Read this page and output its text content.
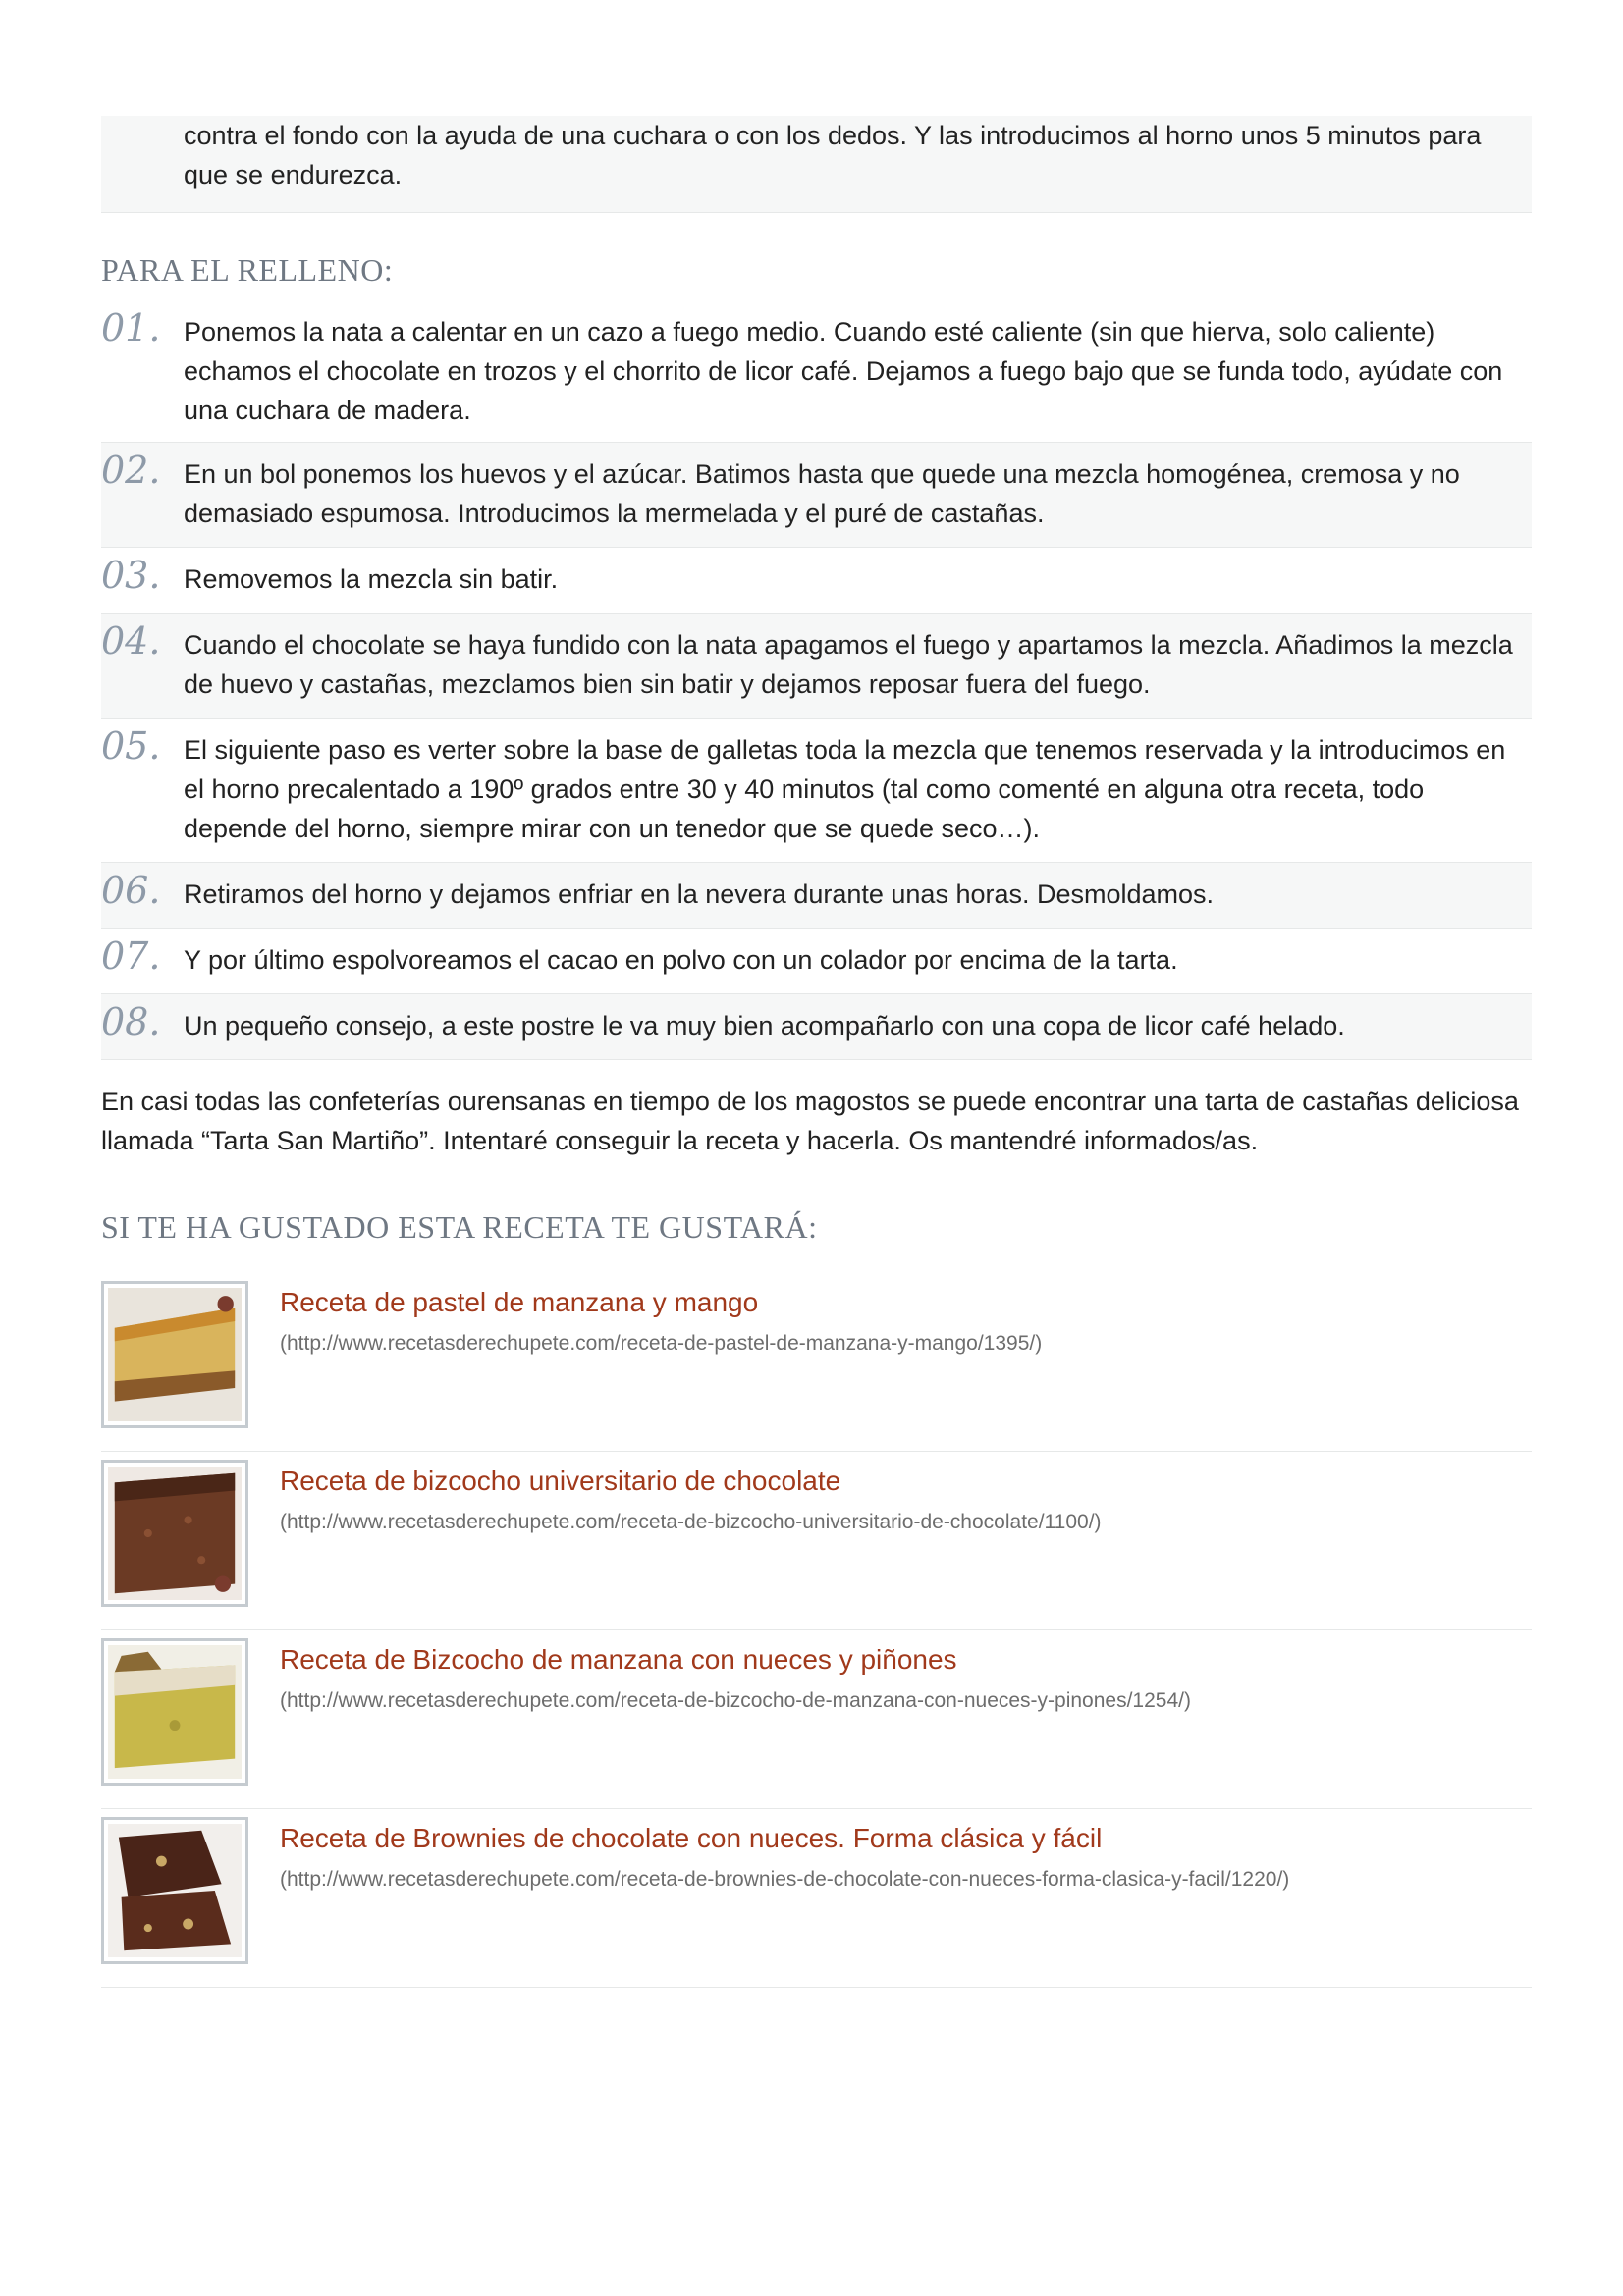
contra el fondo con la ayuda de una cuchara o con los dedos. Y las introducimos al horno unos 5 minutos para que se endurezca.
PARA EL RELLENO:
01. Ponemos la nata a calentar en un cazo a fuego medio. Cuando esté caliente (sin que hierva, solo caliente) echamos el chocolate en trozos y el chorrito de licor café. Dejamos a fuego bajo que se funda todo, ayúdate con una cuchara de madera.
02. En un bol ponemos los huevos y el azúcar. Batimos hasta que quede una mezcla homogénea, cremosa y no demasiado espumosa. Introducimos la mermelada y el puré de castañas.
03. Removemos la mezcla sin batir.
04. Cuando el chocolate se haya fundido con la nata apagamos el fuego y apartamos la mezcla. Añadimos la mezcla de huevo y castañas, mezclamos bien sin batir y dejamos reposar fuera del fuego.
05. El siguiente paso es verter sobre la base de galletas toda la mezcla que tenemos reservada y la introducimos en el horno precalentado a 190º grados entre 30 y 40 minutos (tal como comenté en alguna otra receta, todo depende del horno, siempre mirar con un tenedor que se quede seco…).
06. Retiramos del horno y dejamos enfriar en la nevera durante unas horas. Desmoldamos.
07. Y por último espolvoreamos el cacao en polvo con un colador por encima de la tarta.
08. Un pequeño consejo, a este postre le va muy bien acompañarlo con una copa de licor café helado.

En casi todas las confeterías ourensanas en tiempo de los magostos se puede encontrar una tarta de castañas deliciosa llamada “Tarta San Martiño”. Intentaré conseguir la receta y hacerla. Os mantendré informados/as.

SI TE HA GUSTADO ESTA RECETA TE GUSTARÁ:
Receta de pastel de manzana y mango
(http://www.recetasderechupete.com/receta-de-pastel-de-manzana-y-mango/1395/)
Receta de bizcocho universitario de chocolate
(http://www.recetasderechupete.com/receta-de-bizcocho-universitario-de-chocolate/1100/)
Receta de Bizcocho de manzana con nueces y piñones
(http://www.recetasderechupete.com/receta-de-bizcocho-de-manzana-con-nueces-y-pinones/1254/)
Receta de Brownies de chocolate con nueces. Forma clásica y fácil
(http://www.recetasderechupete.com/receta-de-brownies-de-chocolate-con-nueces-forma-clasica-y-facil/1220/)
